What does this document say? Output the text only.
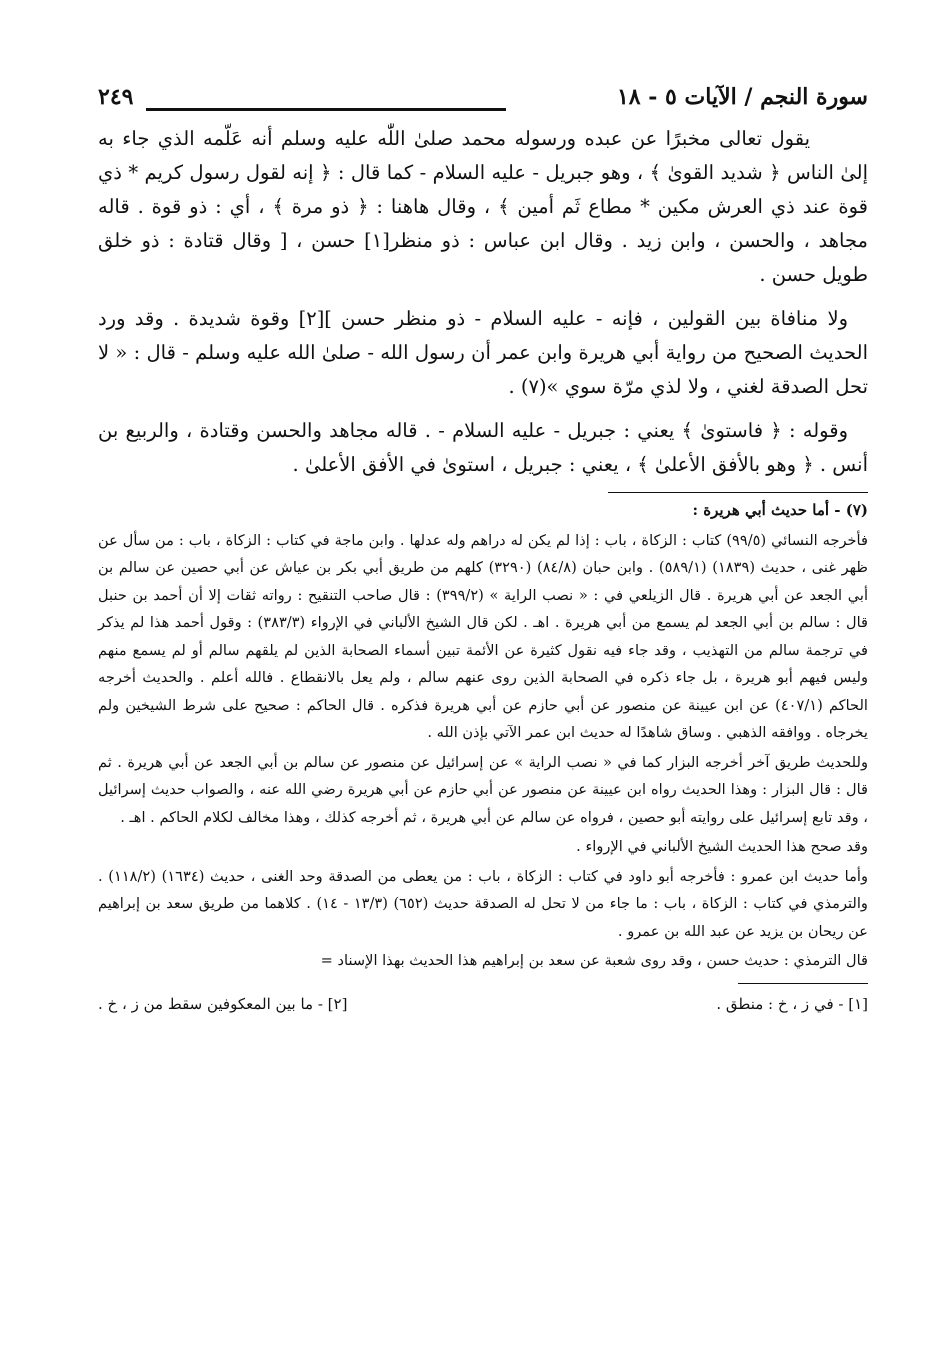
سورة النجم / الآيات ٥ - ١٨
٢٤٩

يقول تعالى مخبرًا عن عبده ورسوله محمد صلىٰ اللّٰه عليه وسلم أنه عَلّمه الذي جاء به إلىٰ الناس ﴿ شديد القوىٰ ﴾ ، وهو جبريل - عليه السلام - كما قال : ﴿ إنه لقول رسول كريم * ذي قوة عند ذي العرش مكين * مطاع ثَم أمين ﴾ ، وقال هاهنا : ﴿ ذو مرة ﴾ ، أي : ذو قوة . قاله مجاهد ، والحسن ، وابن زيد . وقال ابن عباس : ذو منظر[١] حسن ، [ وقال قتادة : ذو خلق طويل حسن .

ولا منافاة بين القولين ، فإنه - عليه السلام - ذو منظر حسن ][٢] وقوة شديدة . وقد ورد الحديث الصحيح من رواية أبي هريرة وابن عمر أن رسول الله - صلىٰ الله عليه وسلم - قال : « لا تحل الصدقة لغني ، ولا لذي مرّة سوي »(٧) .

وقوله : ﴿ فاستوىٰ ﴾ يعني : جبريل - عليه السلام - . قاله مجاهد والحسن وقتادة ، والربيع بن أنس . ﴿ وهو بالأفق الأعلىٰ ﴾ ، يعني : جبريل ، استوىٰ في الأفق الأعلىٰ .

(٧) - أما حديث أبي هريرة :

فأخرجه النسائي (٩٩/٥) كتاب : الزكاة ، باب : إذا لم يكن له دراهم وله عدلها . وابن ماجة في كتاب : الزكاة ، باب : من سأل عن ظهر غنى ، حديث (١٨٣٩) (٥٨٩/١) . وابن حبان (٨٤/٨) (٣٢٩٠) كلهم من طريق أبي بكر بن عياش عن أبي حصين عن سالم بن أبي الجعد عن أبي هريرة . قال الزيلعي في : « نصب الراية » (٣٩٩/٢) : قال صاحب التنقيح : رواته ثقات إلا أن أحمد بن حنبل قال : سالم بن أبي الجعد لم يسمع من أبي هريرة . اهـ . لكن قال الشيخ الألباني في الإرواء (٣٨٣/٣) : وقول أحمد هذا لم يذكر في ترجمة سالم من التهذيب ، وقد جاء فيه نقول كثيرة عن الأئمة تبين أسماء الصحابة الذين لم يلقهم سالم أو لم يسمع منهم وليس فيهم أبو هريرة ، بل جاء ذكره في الصحابة الذين روى عنهم سالم ، ولم يعل بالانقطاع . فالله أعلم . والحديث أخرجه الحاكم (٤٠٧/١) عن ابن عيينة عن منصور عن أبي حازم عن أبي هريرة فذكره . قال الحاكم : صحيح على شرط الشيخين ولم يخرجاه . ووافقه الذهبي . وساق شاهدًا له حديث ابن عمر الآتي بإذن الله .

وللحديث طريق آخر أخرجه البزار كما في « نصب الراية » عن إسرائيل عن منصور عن سالم بن أبي الجعد عن أبي هريرة . ثم قال : قال البزار : وهذا الحديث رواه ابن عيينة عن منصور عن أبي حازم عن أبي هريرة رضي الله عنه ، والصواب حديث إسرائيل ، وقد تابع إسرائيل على روايته أبو حصين ، فرواه عن سالم عن أبي هريرة ، ثم أخرجه كذلك ، وهذا مخالف لكلام الحاكم . اهـ .

وقد صحح هذا الحديث الشيخ الألباني في الإرواء .

وأما حديث ابن عمرو : فأخرجه أبو داود في كتاب : الزكاة ، باب : من يعطى من الصدقة وحد الغنى ، حديث (١٦٣٤) (١١٨/٢) . والترمذي في كتاب : الزكاة ، باب : ما جاء من لا تحل له الصدقة حديث (٦٥٢) (١٣/٣ - ١٤) . كلاهما من طريق سعد بن إبراهيم عن ريحان بن يزيد عن عبد الله بن عمرو .

قال الترمذي : حديث حسن ، وقد روى شعبة عن سعد بن إبراهيم هذا الحديث بهذا الإسناد =

[١] - في ز ، خ : منطق .
[٢] - ما بين المعكوفين سقط من ز ، خ .
